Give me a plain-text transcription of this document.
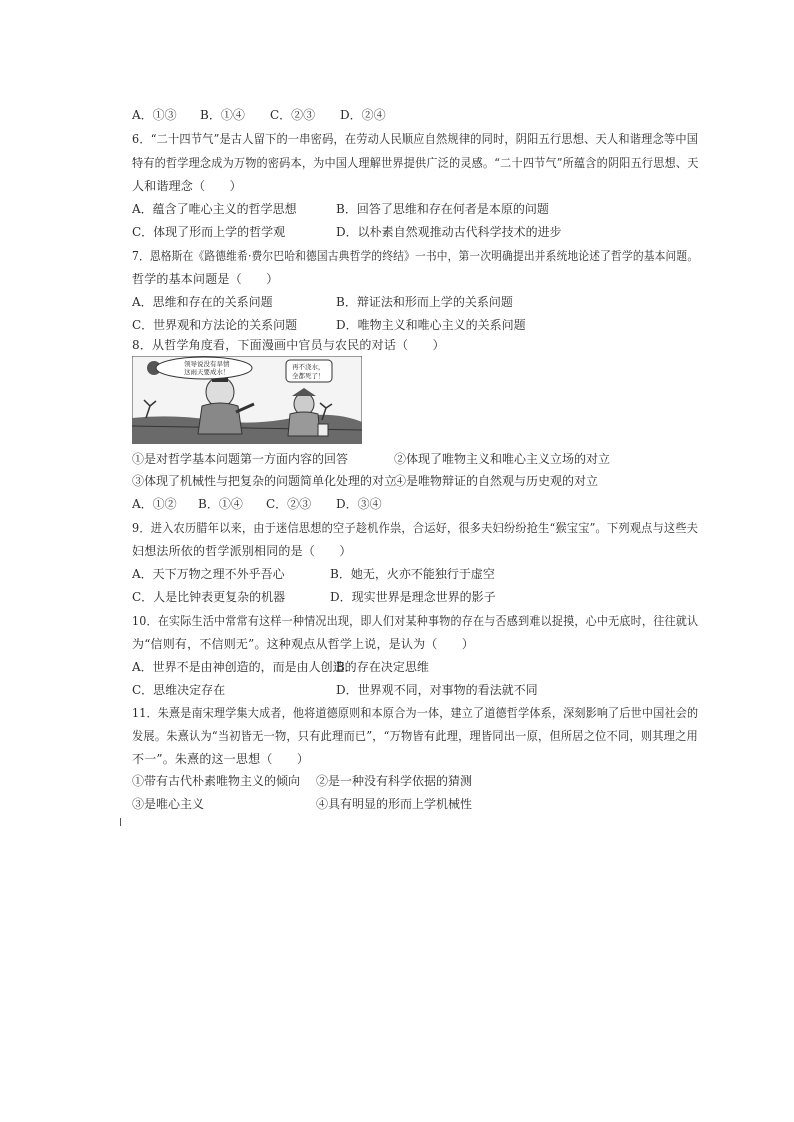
A．①③ B．①④ C．②③ D．②④
6．“二十四节气”是古人留下的一串密码，在劳动人民顺应自然规律的同时，阴阳五行思想、天人和谐理念等中国
特有的哲学理念成为万物的密码本，为中国人理解世界提供广泛的灵感。“二十四节气”所蕴含的阴阳五行思想、天
人和谐理念（　　）
A．蕴含了唯心主义的哲学思想	B．回答了思维和存在何者是本原的问题
C．体现了形而上学的哲学观	D．以朴素自然观推动古代科学技术的进步
7．恩格斯在《路德维希·费尔巴哈和德国古典哲学的终结》一书中，第一次明确提出并系统地论述了哲学的基本问题。
哲学的基本问题是（　　）
A．思维和存在的关系问题	B．辩证法和形而上学的关系问题
C．世界观和方法论的关系问题	D．唯物主义和唯心主义的关系问题
8．从哲学角度看，下面漫画中官员与农民的对话（　　）
领导说没有旱情
这雨天要成水！
再不浇水，
全都死了！
①是对哲学基本问题第一方面内容的回答	②体现了唯物主义和唯心主义立场的对立
③体现了机械性与把复杂的问题简单化处理的对立
④是唯物辩证的自然观与历史观的对立
A．①② B．①④ C．②③ D．③④
9．进入农历腊年以来，由于迷信思想的空子趁机作祟，合运好，很多夫妇纷纷抢生“猴宝宝”。下列观点与这些夫
妇想法所依的哲学派别相同的是（　　）
A．天下万物之理不外乎吾心	B．她无，火亦不能独行于虚空
C．人是比钟表更复杂的机器	D．现实世界是理念世界的影子
10．在实际生活中常常有这样一种情况出现，即人们对某种事物的存在与否感到难以捉摸，心中无底时，往往就认
为“信则有，不信则无”。这种观点从哲学上说，是认为（　　）
A．世界不是由神创造的，而是由人创造的
B．存在决定思维
C．思维决定存在	D．世界观不同，对事物的看法就不同
11．朱熹是南宋理学集大成者，他将道德原则和本原合为一体，建立了道德哲学体系，深刻影响了后世中国社会的
发展。朱熹认为“当初皆无一物，只有此理而已”，“万物皆有此理，理皆同出一原，但所居之位不同，则其理之用
不一”。朱熹的这一思想（　　）
①带有古代朴素唯物主义的倾向 ②是一种没有科学依据的猜测
③是唯心主义	④具有明显的形而上学机械性
